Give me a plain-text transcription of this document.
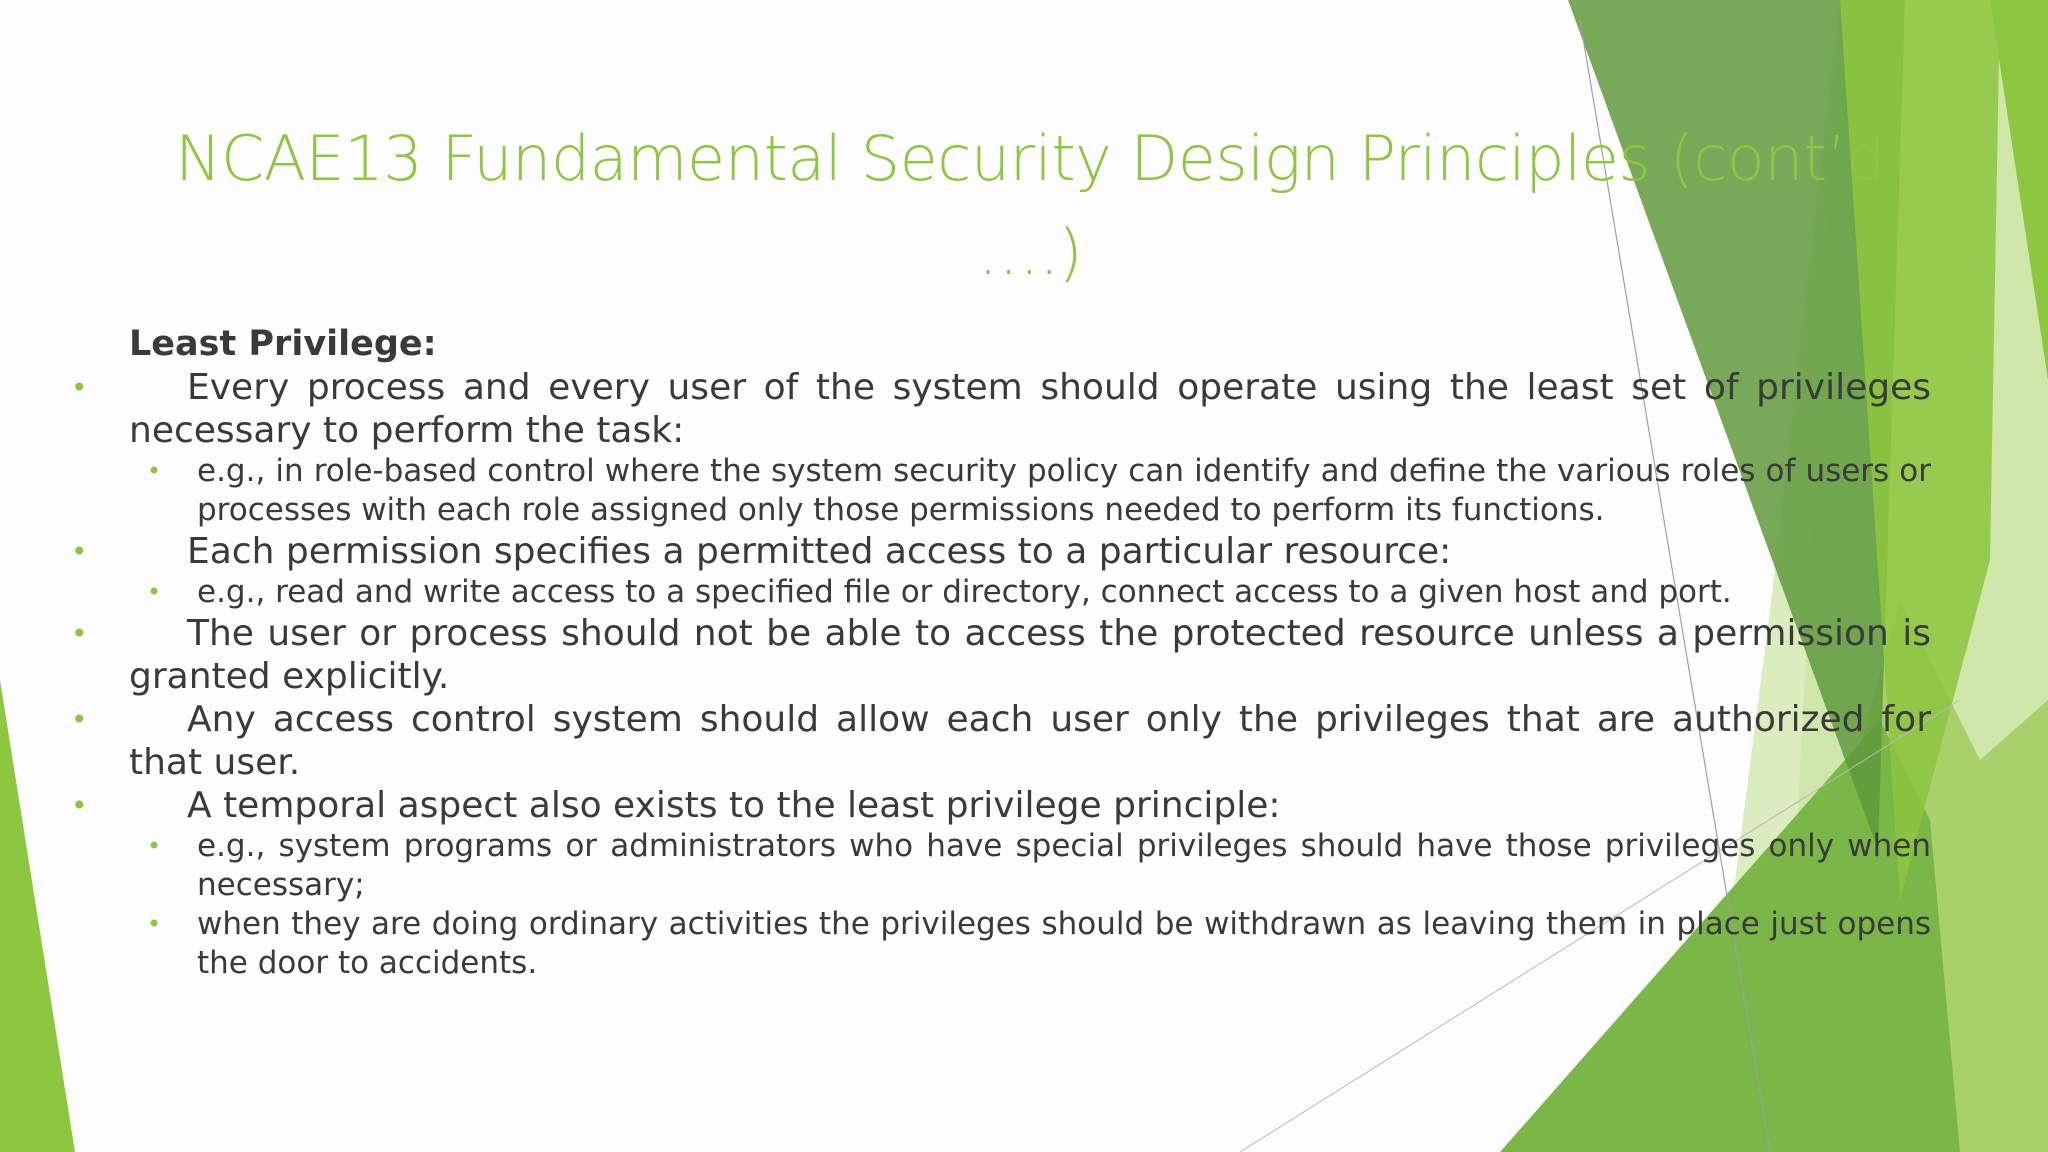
NCAE13 Fundamental Security Design Principles (cont’d ….)

Least Privilege:

•	Every process and every user of the system should operate using the least set of privileges necessary to perform the task:

• e.g., in role-based control where the system security policy can identify and define the various roles of users or processes with each role assigned only those permissions needed to perform its functions.

•	Each permission specifies a permitted access to a particular resource:

• e.g., read and write access to a specified file or directory, connect access to a given host and port.

•	The user or process should not be able to access the protected resource unless a permission is granted explicitly.

•	Any access control system should allow each user only the privileges that are authorized for that user.

•	A temporal aspect also exists to the least privilege principle:

• e.g., system programs or administrators who have special privileges should have those privileges only when necessary;

• when they are doing ordinary activities the privileges should be withdrawn as leaving them in place just opens the door to accidents.
